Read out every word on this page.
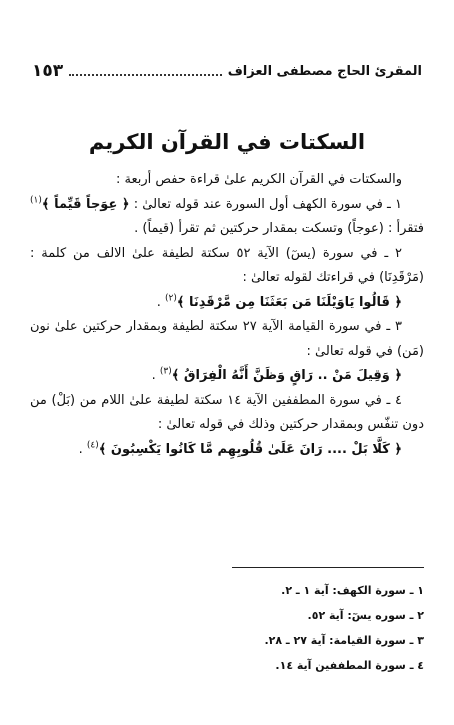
المقرئ الحاج مصطفى العزاف
١٥٣
السكتات في القرآن الكريم

والسكتات في القرآن الكريم علىٰ قراءة حفص أربعة :

١ ـ في سورة الكهف أول السورة عند قوله تعالىٰ : ﴿ عِوَجاً قَيِّماً ﴾$^{(١)}$ فتقرأ : (عوجاً) وتسكت بمقدار حركتين ثم تقرأ (قيماً) .

٢ ـ في سورة (يسٓ) الآية ٥٢ سكتة لطيفة علىٰ الالف من كلمة : (مَرْقَدِنَا) في قراءتك لقوله تعالىٰ :

﴿ قَالُوا يَاوَيْلَنَا مَن بَعَثَنَا مِن مَّرْقَدِنَا ﴾$^{(٢)}$ .

٣ ـ في سورة القيامة الآية ٢٧ سكتة لطيفة وبمقدار حركتين علىٰ نون (مَن) في قوله تعالىٰ :

﴿ وَقِيلَ مَنْ .. رَاقٍ وَظَنَّ أَنَّهُ الْفِرَاقُ ﴾$^{(٣)}$ .

٤ ـ في سورة المطففين الآية ١٤ سكتة لطيفة علىٰ اللام من (بَلْ) من دون تنفّس وبمقدار حركتين وذلك في قوله تعالىٰ :

﴿ كَلَّا بَلْ .... رَانَ عَلَىٰ قُلُوبِهِم مَّا كَانُوا يَكْسِبُونَ ﴾$^{(٤)}$ .

١ ـ سورة الكهف: آية ١ ـ ٢.

٢ ـ سوره يسٓ: آية ٥٢.

٣ ـ سورة القيامة: آية ٢٧ ـ ٢٨.

٤ ـ سورة المطففين آية ١٤.
